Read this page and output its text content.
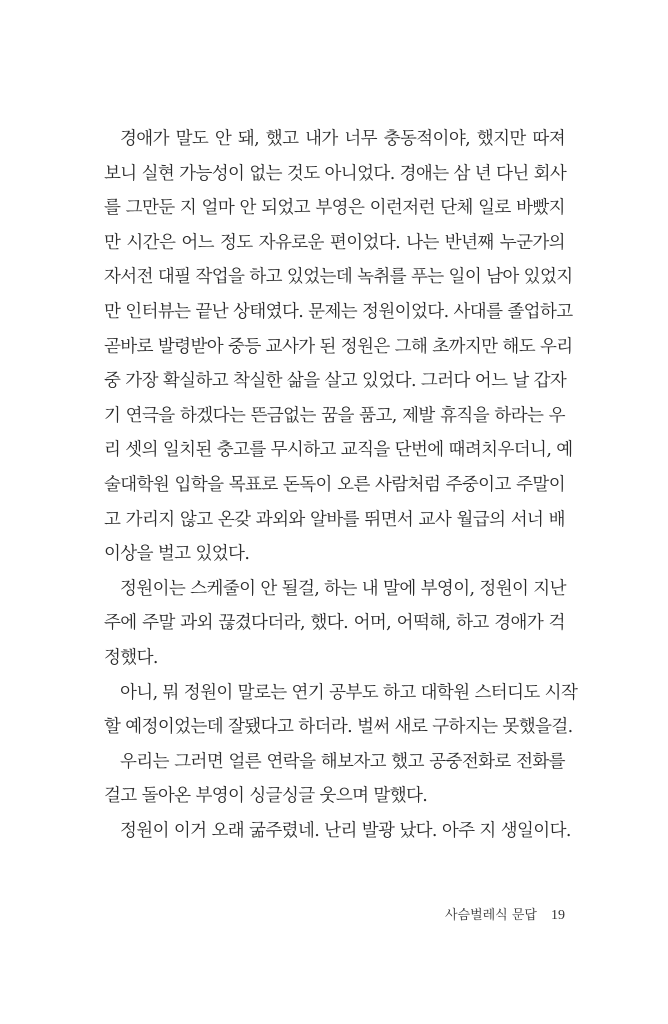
경애가 말도 안 돼, 했고 내가 너무 충동적이야, 했지만 따져
보니 실현 가능성이 없는 것도 아니었다. 경애는 삼 년 다닌 회사
를 그만둔 지 얼마 안 되었고 부영은 이런저런 단체 일로 바빴지
만 시간은 어느 정도 자유로운 편이었다. 나는 반년째 누군가의
자서전 대필 작업을 하고 있었는데 녹취를 푸는 일이 남아 있었지
만 인터뷰는 끝난 상태였다. 문제는 정원이었다. 사대를 졸업하고
곧바로 발령받아 중등 교사가 된 정원은 그해 초까지만 해도 우리
중 가장 확실하고 착실한 삶을 살고 있었다. 그러다 어느 날 갑자
기 연극을 하겠다는 뜬금없는 꿈을 품고, 제발 휴직을 하라는 우
리 셋의 일치된 충고를 무시하고 교직을 단번에 때려치우더니, 예
술대학원 입학을 목표로 돈독이 오른 사람처럼 주중이고 주말이
고 가리지 않고 온갖 과외와 알바를 뛰면서 교사 월급의 서너 배
이상을 벌고 있었다.
정원이는 스케줄이 안 될걸, 하는 내 말에 부영이, 정원이 지난
주에 주말 과외 끊겼다더라, 했다. 어머, 어떡해, 하고 경애가 걱
정했다.
아니, 뭐 정원이 말로는 연기 공부도 하고 대학원 스터디도 시작
할 예정이었는데 잘됐다고 하더라. 벌써 새로 구하지는 못했을걸.
우리는 그러면 얼른 연락을 해보자고 했고 공중전화로 전화를
걸고 돌아온 부영이 싱글싱글 웃으며 말했다.
정원이 이거 오래 굶주렸네. 난리 발광 났다. 아주 지 생일이다.
사슴벌레식 문답 19
